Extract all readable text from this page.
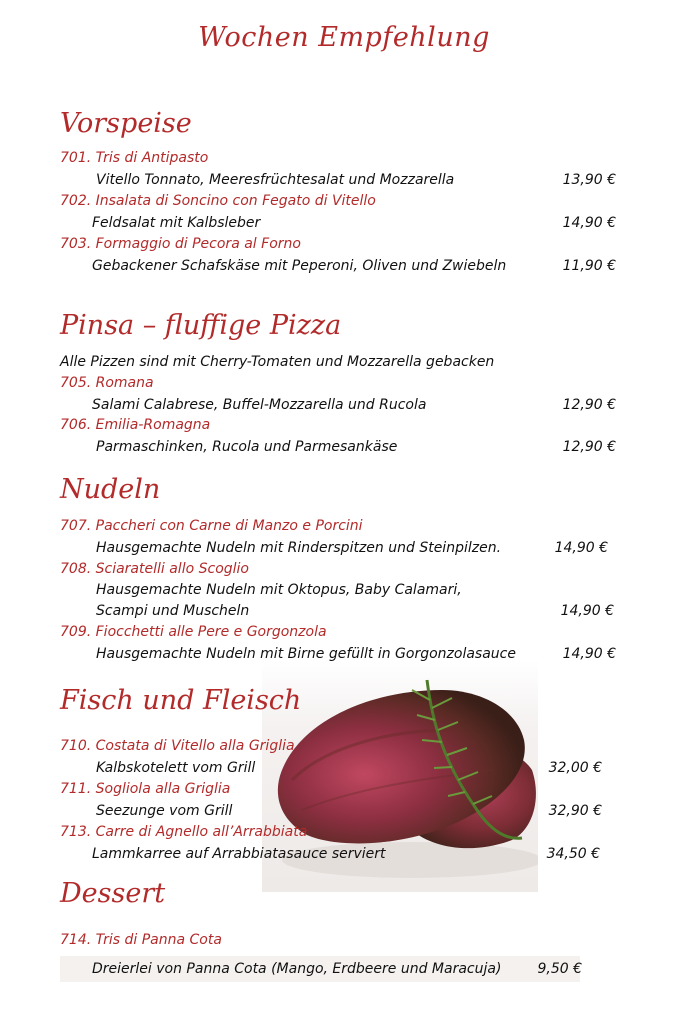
Wochen Empfehlung
Vorspeise
701. Tris di Antipasto
Vitello Tonnato, Meeresfrüchtesalat und Mozzarella	13,90 €
702. Insalata di Soncino con Fegato di Vitello
Feldsalat mit Kalbsleber	14,90 €
703. Formaggio di Pecora al Forno
Gebackener Schafskäse mit Peperoni, Oliven und Zwiebeln	11,90 €
Pinsa – fluffige Pizza
Alle Pizzen sind mit Cherry-Tomaten und Mozzarella gebacken
705. Romana
Salami Calabrese, Buffel-Mozzarella und Rucola	12,90 €
706. Emilia-Romagna
Parmaschinken, Rucola und Parmesankäse	12,90 €
Nudeln
707. Paccheri con Carne di Manzo e Porcini
Hausgemachte Nudeln mit Rinderspitzen und Steinpilzen.	14,90 €
708. Sciaratelli allo Scoglio
Hausgemachte Nudeln mit Oktopus, Baby Calamari,
Scampi und Muscheln	14,90 €
709. Fiocchetti alle Pere e Gorgonzola
Hausgemachte Nudeln mit Birne gefüllt in Gorgonzolasauce	14,90 €
Fisch und Fleisch
710. Costata di Vitello alla Griglia
Kalbskotelett vom Grill	32,00 €
711. Sogliola alla Griglia
Seezunge vom Grill	32,90 €
713. Carre di Agnello all’Arrabbiata
Lammkarree auf Arrabbiatasauce serviert	34,50 €
Dessert
714. Tris di Panna Cota
Dreierlei von Panna Cota (Mango, Erdbeere und Maracuja)	9,50 €
